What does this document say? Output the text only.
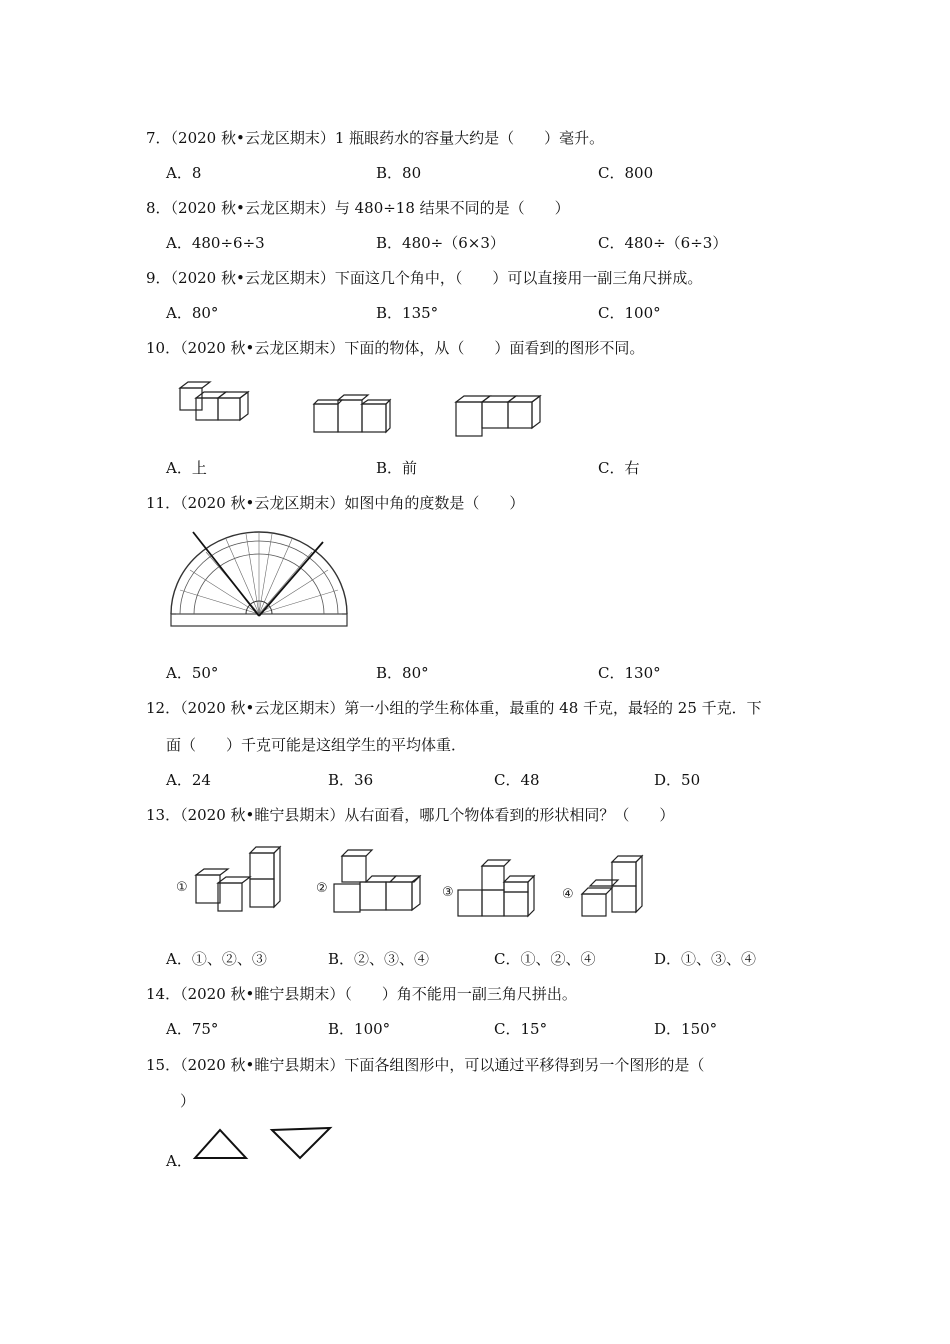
7．（2020 秋•云龙区期末）1 瓶眼药水的容量大约是（　　）毫升。
A．8	B．80	C．800
8．（2020 秋•云龙区期末）与 480÷18 结果不同的是（　　）
A．480÷6÷3	B．480÷（6×3）	C．480÷（6÷3）
9．（2020 秋•云龙区期末）下面这几个角中，（　　）可以直接用一副三角尺拼成。
A．80°	B．135°	C．100°
10．（2020 秋•云龙区期末）下面的物体，从（　　）面看到的图形不同。
A．上	B．前	C．右
11．（2020 秋•云龙区期末）如图中角的度数是（　　）
A．50°	B．80°	C．130°
12．（2020 秋•云龙区期末）第一小组的学生称体重，最重的 48 千克，最轻的 25 千克．下
面（　　）千克可能是这组学生的平均体重．
A．24	B．36	C．48	D．50
13．（2020 秋•睢宁县期末）从右面看，哪几个物体看到的形状相同？（　　）
①	②	③	④
A．①、②、③	B．②、③、④	C．①、②、④	D．①、③、④
14．（2020 秋•睢宁县期末）（　　）角不能用一副三角尺拼出。
A．75°	B．100°	C．15°	D．150°
15．（2020 秋•睢宁县期末）下面各组图形中，可以通过平移得到另一个图形的是（
）
A．
